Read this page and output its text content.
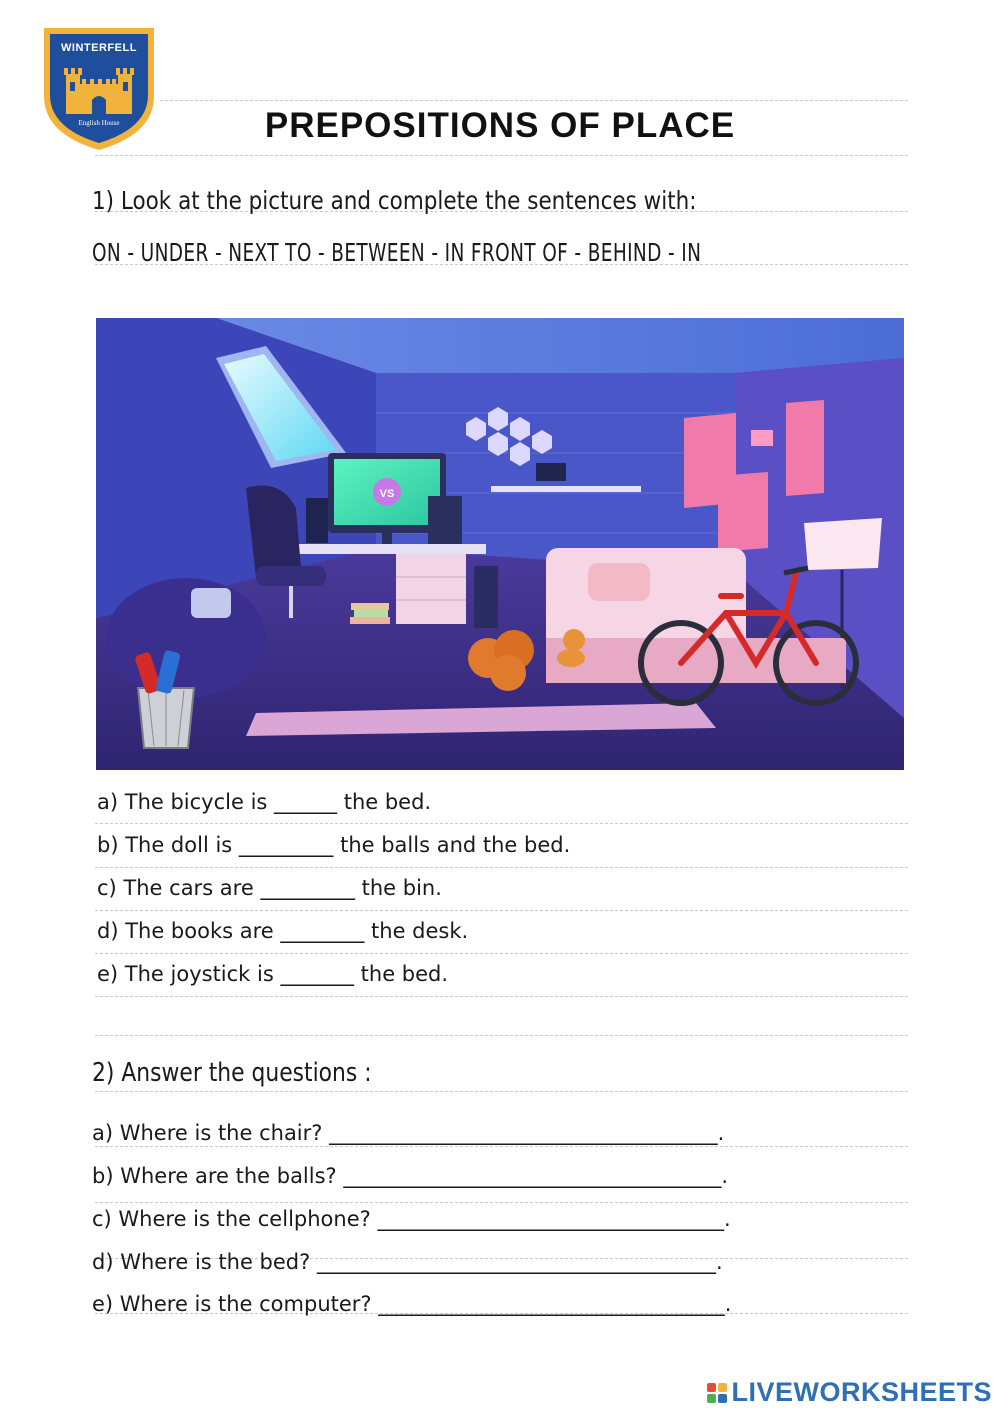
WINTERFELL
English House	PREPOSITIONS OF PLACE
1) Look at the picture and complete the sentences with:
ON - UNDER - NEXT TO - BETWEEN - IN FRONT OF - BEHIND - IN
VS
a) The bicycle is ______ the bed.
b) The doll is _________ the balls and the bed.
c) The cars are _________ the bin.
d) The books are ________ the desk.
e) The joystick is _______ the bed.
2) Answer the questions :
a) Where is the chair? _____________________________________.
b) Where are the balls? ____________________________________.
c) Where is the cellphone? _________________________________.
d) Where is the bed? ______________________________________.
e) Where is the computer? _________________________________.
LIVEWORKSHEETS
